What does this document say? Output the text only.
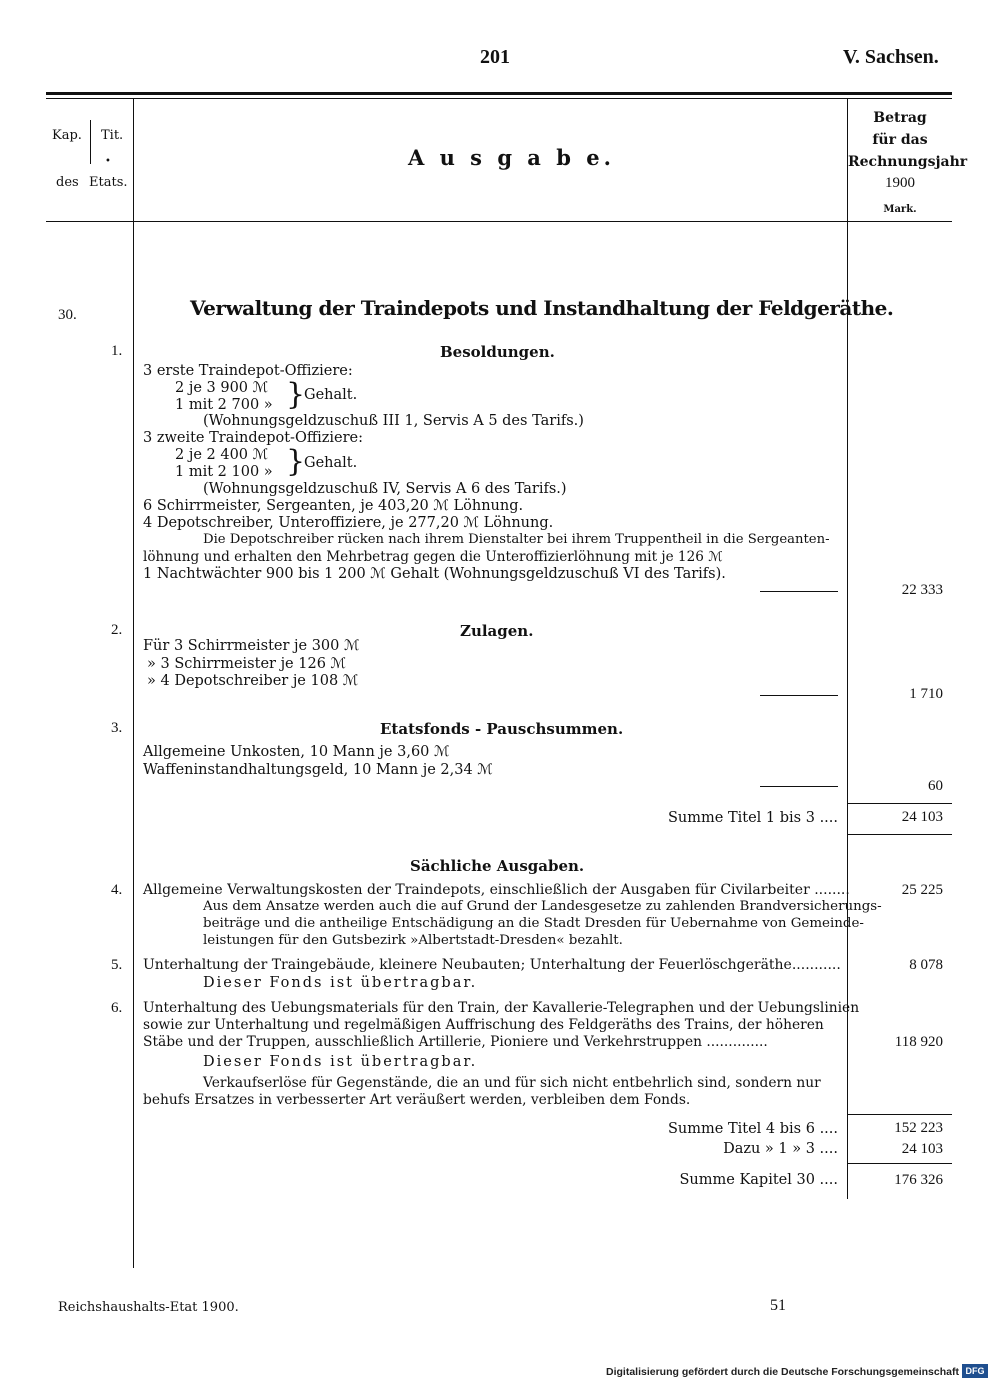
201	V. Sachsen.
Kap. Tit.
•
des Etats.
A u s g a b e.
Betrag
für das
Rechnungsjahr
1900
Mark.
30.	Verwaltung der Traindepots und Instandhaltung der Feldgeräthe.
1.	Besoldungen.
3 erste Traindepot-Offiziere:
2 je 3 900 ℳ
1 mit 2 700 » }
Gehalt.
(Wohnungsgeldzuschuß III 1, Servis A 5 des Tarifs.)
3 zweite Traindepot-Offiziere:
2 je 2 400 ℳ
1 mit 2 100 » }
Gehalt.
(Wohnungsgeldzuschuß IV, Servis A 6 des Tarifs.)
6 Schirrmeister, Sergeanten, je 403,20 ℳ Löhnung.
4 Depotschreiber, Unteroffiziere, je 277,20 ℳ Löhnung.
Die Depotschreiber rücken nach ihrem Dienstalter bei ihrem Truppentheil in die Sergeanten-
löhnung und erhalten den Mehrbetrag gegen die Unteroffizierlöhnung mit je 126 ℳ
1 Nachtwächter 900 bis 1 200 ℳ Gehalt (Wohnungsgeldzuschuß VI des Tarifs).
22 333
2.	Zulagen.
Für 3 Schirrmeister je 300 ℳ
» 3 Schirrmeister je 126 ℳ
» 4 Depotschreiber je 108 ℳ
1 710
3.	Etatsfonds - Pauschsummen.
Allgemeine Unkosten, 10 Mann je 3,60 ℳ
Waffeninstandhaltungsgeld, 10 Mann je 2,34 ℳ
60
Summe Titel 1 bis 3 ....	24 103
Sächliche Ausgaben.
4. Allgemeine Verwaltungskosten der Traindepots, einschließlich der Ausgaben für Civilarbeiter ........	25 225
Aus dem Ansatze werden auch die auf Grund der Landesgesetze zu zahlenden Brandversicherungs-
beiträge und die antheilige Entschädigung an die Stadt Dresden für Uebernahme von Gemeinde-
leistungen für den Gutsbezirk »Albertstadt-Dresden« bezahlt.
5. Unterhaltung der Traingebäude, kleinere Neubauten; Unterhaltung der Feuerlöschgeräthe...........	8 078
Dieser Fonds ist übertragbar.
6. Unterhaltung des Uebungsmaterials für den Train, der Kavallerie-Telegraphen und der Uebungslinien
sowie zur Unterhaltung und regelmäßigen Auffrischung des Feldgeräths des Trains, der höheren
Stäbe und der Truppen, ausschließlich Artillerie, Pioniere und Verkehrstruppen ..............	118 920
Dieser Fonds ist übertragbar.
Verkaufserlöse für Gegenstände, die an und für sich nicht entbehrlich sind, sondern nur
behufs Ersatzes in verbesserter Art veräußert werden, verbleiben dem Fonds.
Summe Titel 4 bis 6 ....	152 223
Dazu » 1 » 3 ....	24 103
Summe Kapitel 30 ....	176 326
Reichshaushalts-Etat 1900.	51
Digitalisierung gefördert durch die Deutsche Forschungsgemeinschaft DFG
